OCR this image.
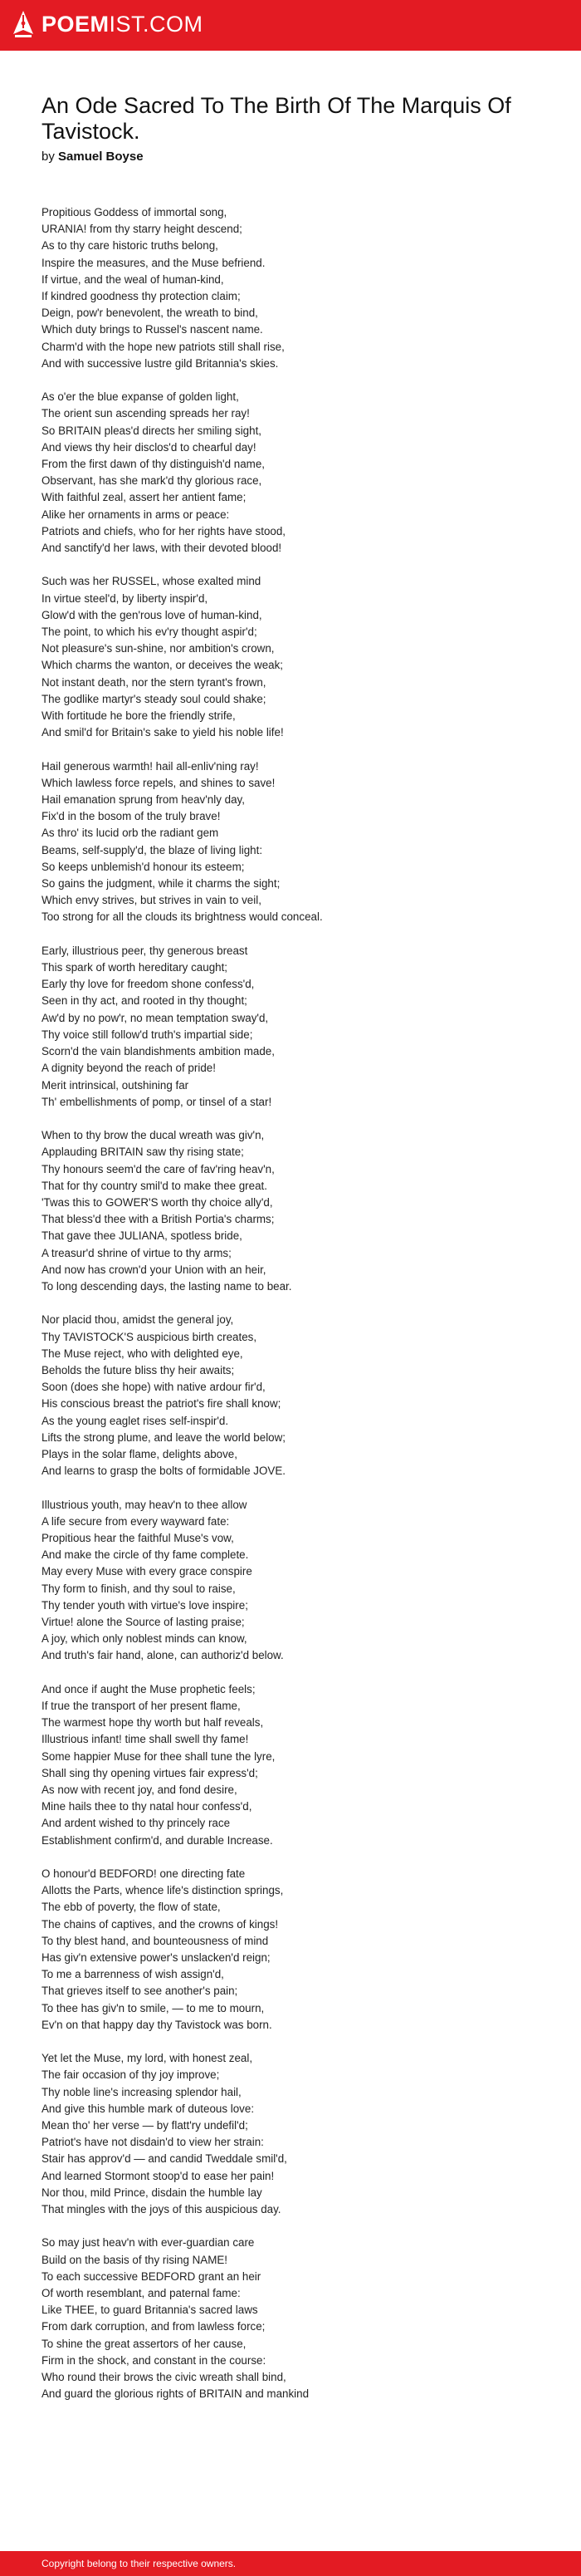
POEM IST.COM
An Ode Sacred To The Birth Of The Marquis Of Tavistock.
by Samuel Boyse
Propitious Goddess of immortal song,
URANIA! from thy starry height descend;
As to thy care historic truths belong,
Inspire the measures, and the Muse befriend.
If virtue, and the weal of human-kind,
If kindred goodness thy protection claim;
Deign, pow'r benevolent, the wreath to bind,
Which duty brings to Russel's nascent name.
Charm'd with the hope new patriots still shall rise,
And with successive lustre gild Britannia's skies.
As o'er the blue expanse of golden light,
The orient sun ascending spreads her ray!
So BRITAIN pleas'd directs her smiling sight,
And views thy heir disclos'd to chearful day!
From the first dawn of thy distinguish'd name,
Observant, has she mark'd thy glorious race,
With faithful zeal, assert her antient fame;
Alike her ornaments in arms or peace:
Patriots and chiefs, who for her rights have stood,
And sanctify'd her laws, with their devoted blood!
Such was her RUSSEL, whose exalted mind
In virtue steel'd, by liberty inspir'd,
Glow'd with the gen'rous love of human-kind,
The point, to which his ev'ry thought aspir'd;
Not pleasure's sun-shine, nor ambition's crown,
Which charms the wanton, or deceives the weak;
Not instant death, nor the stern tyrant's frown,
The godlike martyr's steady soul could shake;
With fortitude he bore the friendly strife,
And smil'd for Britain's sake to yield his noble life!
Hail generous warmth! hail all-enliv'ning ray!
Which lawless force repels, and shines to save!
Hail emanation sprung from heav'nly day,
Fix'd in the bosom of the truly brave!
As thro' its lucid orb the radiant gem
Beams, self-supply'd, the blaze of living light:
So keeps unblemish'd honour its esteem;
So gains the judgment, while it charms the sight;
Which envy strives, but strives in vain to veil,
Too strong for all the clouds its brightness would conceal.
Early, illustrious peer, thy generous breast
This spark of worth hereditary caught;
Early thy love for freedom shone confess'd,
Seen in thy act, and rooted in thy thought;
Aw'd by no pow'r, no mean temptation sway'd,
Thy voice still follow'd truth's impartial side;
Scorn'd the vain blandishments ambition made,
A dignity beyond the reach of pride!
Merit intrinsical, outshining far
Th' embellishments of pomp, or tinsel of a star!
When to thy brow the ducal wreath was giv'n,
Applauding BRITAIN saw thy rising state;
Thy honours seem'd the care of fav'ring heav'n,
That for thy country smil'd to make thee great.
'Twas this to GOWER'S worth thy choice ally'd,
That bless'd thee with a British Portia's charms;
That gave thee JULIANA, spotless bride,
A treasur'd shrine of virtue to thy arms;
And now has crown'd your Union with an heir,
To long descending days, the lasting name to bear.
Nor placid thou, amidst the general joy,
Thy TAVISTOCK'S auspicious birth creates,
The Muse reject, who with delighted eye,
Beholds the future bliss thy heir awaits;
Soon (does she hope) with native ardour fir'd,
His conscious breast the patriot's fire shall know;
As the young eaglet rises self-inspir'd.
Lifts the strong plume, and leave the world below;
Plays in the solar flame, delights above,
And learns to grasp the bolts of formidable JOVE.
Illustrious youth, may heav'n to thee allow
A life secure from every wayward fate:
Propitious hear the faithful Muse's vow,
And make the circle of thy fame complete.
May every Muse with every grace conspire
Thy form to finish, and thy soul to raise,
Thy tender youth with virtue's love inspire;
Virtue! alone the Source of lasting praise;
A joy, which only noblest minds can know,
And truth's fair hand, alone, can authoriz'd below.
And once if aught the Muse prophetic feels;
If true the transport of her present flame,
The warmest hope thy worth but half reveals,
Illustrious infant! time shall swell thy fame!
Some happier Muse for thee shall tune the lyre,
Shall sing thy opening virtues fair express'd;
As now with recent joy, and fond desire,
Mine hails thee to thy natal hour confess'd,
And ardent wished to thy princely race
Establishment confirm'd, and durable Increase.
O honour'd BEDFORD! one directing fate
Allotts the Parts, whence life's distinction springs,
The ebb of poverty, the flow of state,
The chains of captives, and the crowns of kings!
To thy blest hand, and bounteousness of mind
Has giv'n extensive power's unslacken'd reign;
To me a barrenness of wish assign'd,
That grieves itself to see another's pain;
To thee has giv'n to smile, — to me to mourn,
Ev'n on that happy day thy Tavistock was born.
Yet let the Muse, my lord, with honest zeal,
The fair occasion of thy joy improve;
Thy noble line's increasing splendor hail,
And give this humble mark of duteous love:
Mean tho' her verse — by flatt'ry undefil'd;
Patriot's have not disdain'd to view her strain:
Stair has approv'd — and candid Tweddale smil'd,
And learned Stormont stoop'd to ease her pain!
Nor thou, mild Prince, disdain the humble lay
That mingles with the joys of this auspicious day.
So may just heav'n with ever-guardian care
Build on the basis of thy rising NAME!
To each successive BEDFORD grant an heir
Of worth resemblant, and paternal fame:
Like THEE, to guard Britannia's sacred laws
From dark corruption, and from lawless force;
To shine the great assertors of her cause,
Firm in the shock, and constant in the course:
Who round their brows the civic wreath shall bind,
And guard the glorious rights of BRITAIN and mankind
Copyright belong to their respective owners.
